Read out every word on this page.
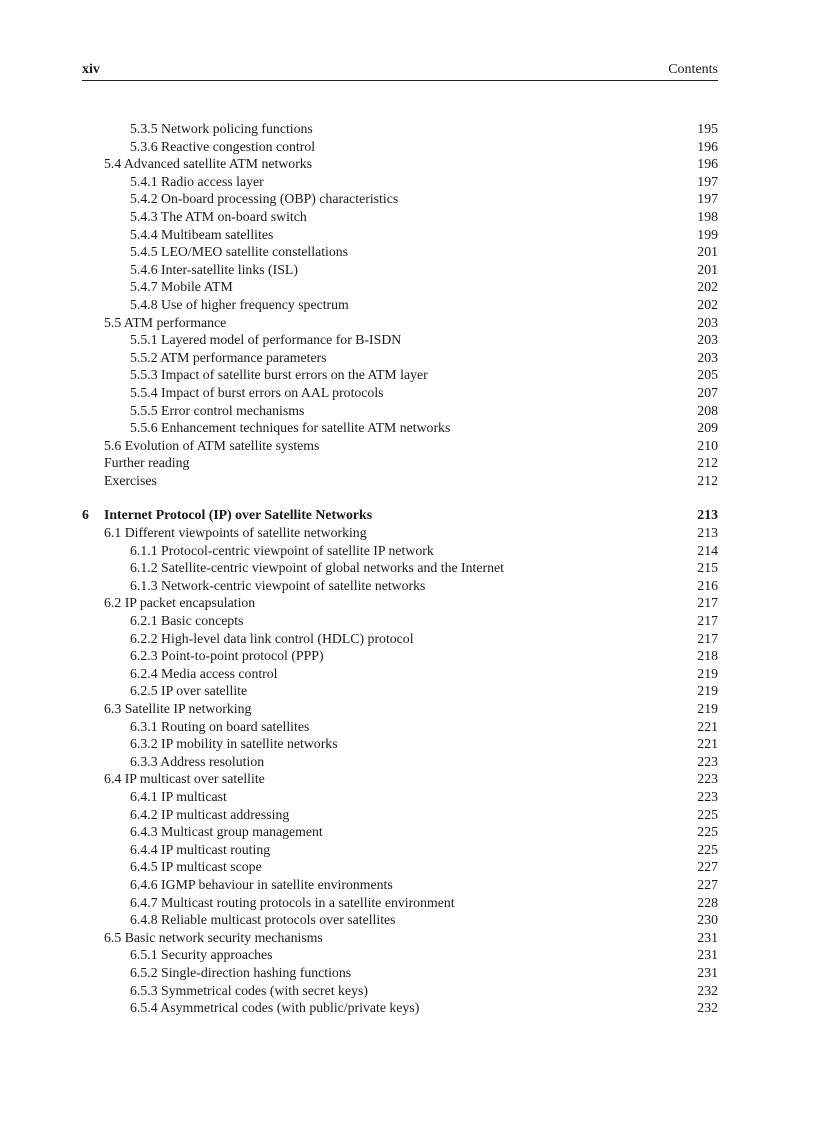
xiv	Contents
5.3.5 Network policing functions	195
5.3.6 Reactive congestion control	196
5.4 Advanced satellite ATM networks	196
5.4.1 Radio access layer	197
5.4.2 On-board processing (OBP) characteristics	197
5.4.3 The ATM on-board switch	198
5.4.4 Multibeam satellites	199
5.4.5 LEO/MEO satellite constellations	201
5.4.6 Inter-satellite links (ISL)	201
5.4.7 Mobile ATM	202
5.4.8 Use of higher frequency spectrum	202
5.5 ATM performance	203
5.5.1 Layered model of performance for B-ISDN	203
5.5.2 ATM performance parameters	203
5.5.3 Impact of satellite burst errors on the ATM layer	205
5.5.4 Impact of burst errors on AAL protocols	207
5.5.5 Error control mechanisms	208
5.5.6 Enhancement techniques for satellite ATM networks	209
5.6 Evolution of ATM satellite systems	210
Further reading	212
Exercises	212
6 Internet Protocol (IP) over Satellite Networks	213
6.1 Different viewpoints of satellite networking	213
6.1.1 Protocol-centric viewpoint of satellite IP network	214
6.1.2 Satellite-centric viewpoint of global networks and the Internet	215
6.1.3 Network-centric viewpoint of satellite networks	216
6.2 IP packet encapsulation	217
6.2.1 Basic concepts	217
6.2.2 High-level data link control (HDLC) protocol	217
6.2.3 Point-to-point protocol (PPP)	218
6.2.4 Media access control	219
6.2.5 IP over satellite	219
6.3 Satellite IP networking	219
6.3.1 Routing on board satellites	221
6.3.2 IP mobility in satellite networks	221
6.3.3 Address resolution	223
6.4 IP multicast over satellite	223
6.4.1 IP multicast	223
6.4.2 IP multicast addressing	225
6.4.3 Multicast group management	225
6.4.4 IP multicast routing	225
6.4.5 IP multicast scope	227
6.4.6 IGMP behaviour in satellite environments	227
6.4.7 Multicast routing protocols in a satellite environment	228
6.4.8 Reliable multicast protocols over satellites	230
6.5 Basic network security mechanisms	231
6.5.1 Security approaches	231
6.5.2 Single-direction hashing functions	231
6.5.3 Symmetrical codes (with secret keys)	232
6.5.4 Asymmetrical codes (with public/private keys)	232
